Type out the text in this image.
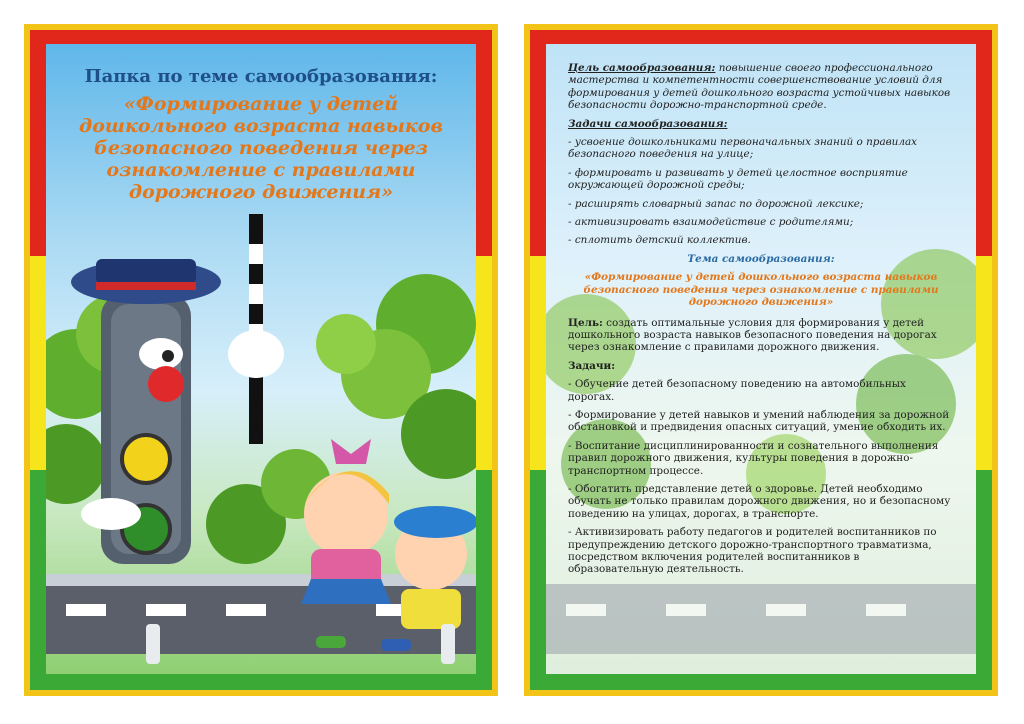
Папка по теме самообразования:
«Формирование у детей
дошкольного возраста навыков
безопасного поведения через
ознакомление с правилами
дорожного движения»

Цель самообразования: повышение своего профессионального мастерства и компетентности совершенствование условий для формирования у детей дошкольного возраста устойчивых навыков безопасности дорожно-транспортной среде.

Задачи самообразования:

- усвоение дошкольниками первоначальных знаний о правилах безопасного поведения на улице;

- формировать и развивать у детей целостное восприятие окружающей дорожной среды;

- расширять словарный запас по дорожной лексике;

- активизировать взаимодействие с родителями;

- сплотить детский коллектив.

Тема самообразования:

«Формирование у детей дошкольного возраста навыков безопасного поведения через ознакомление с правилами дорожного движения»

Цель: создать оптимальные условия для формирования у детей дошкольного возраста навыков безопасного поведения на дорогах через ознакомление с правилами дорожного движения.

Задачи:

- Обучение детей безопасному поведению на автомобильных дорогах.

- Формирование у детей навыков и умений наблюдения за дорожной обстановкой и предвидения опасных ситуаций, умение обходить их.

- Воспитание дисциплинированности и сознательного выполнения правил дорожного движения, культуры поведения в дорожно-транспортном процессе.

- Обогатить представление детей о здоровье. Детей необходимо обучать не только правилам дорожного движения, но и безопасному поведению на улицах, дорогах, в транспорте.

- Активизировать работу педагогов и родителей воспитанников по предупреждению детского дорожно-транспортного травматизма, посредством включения родителей воспитанников в образовательную деятельность.
